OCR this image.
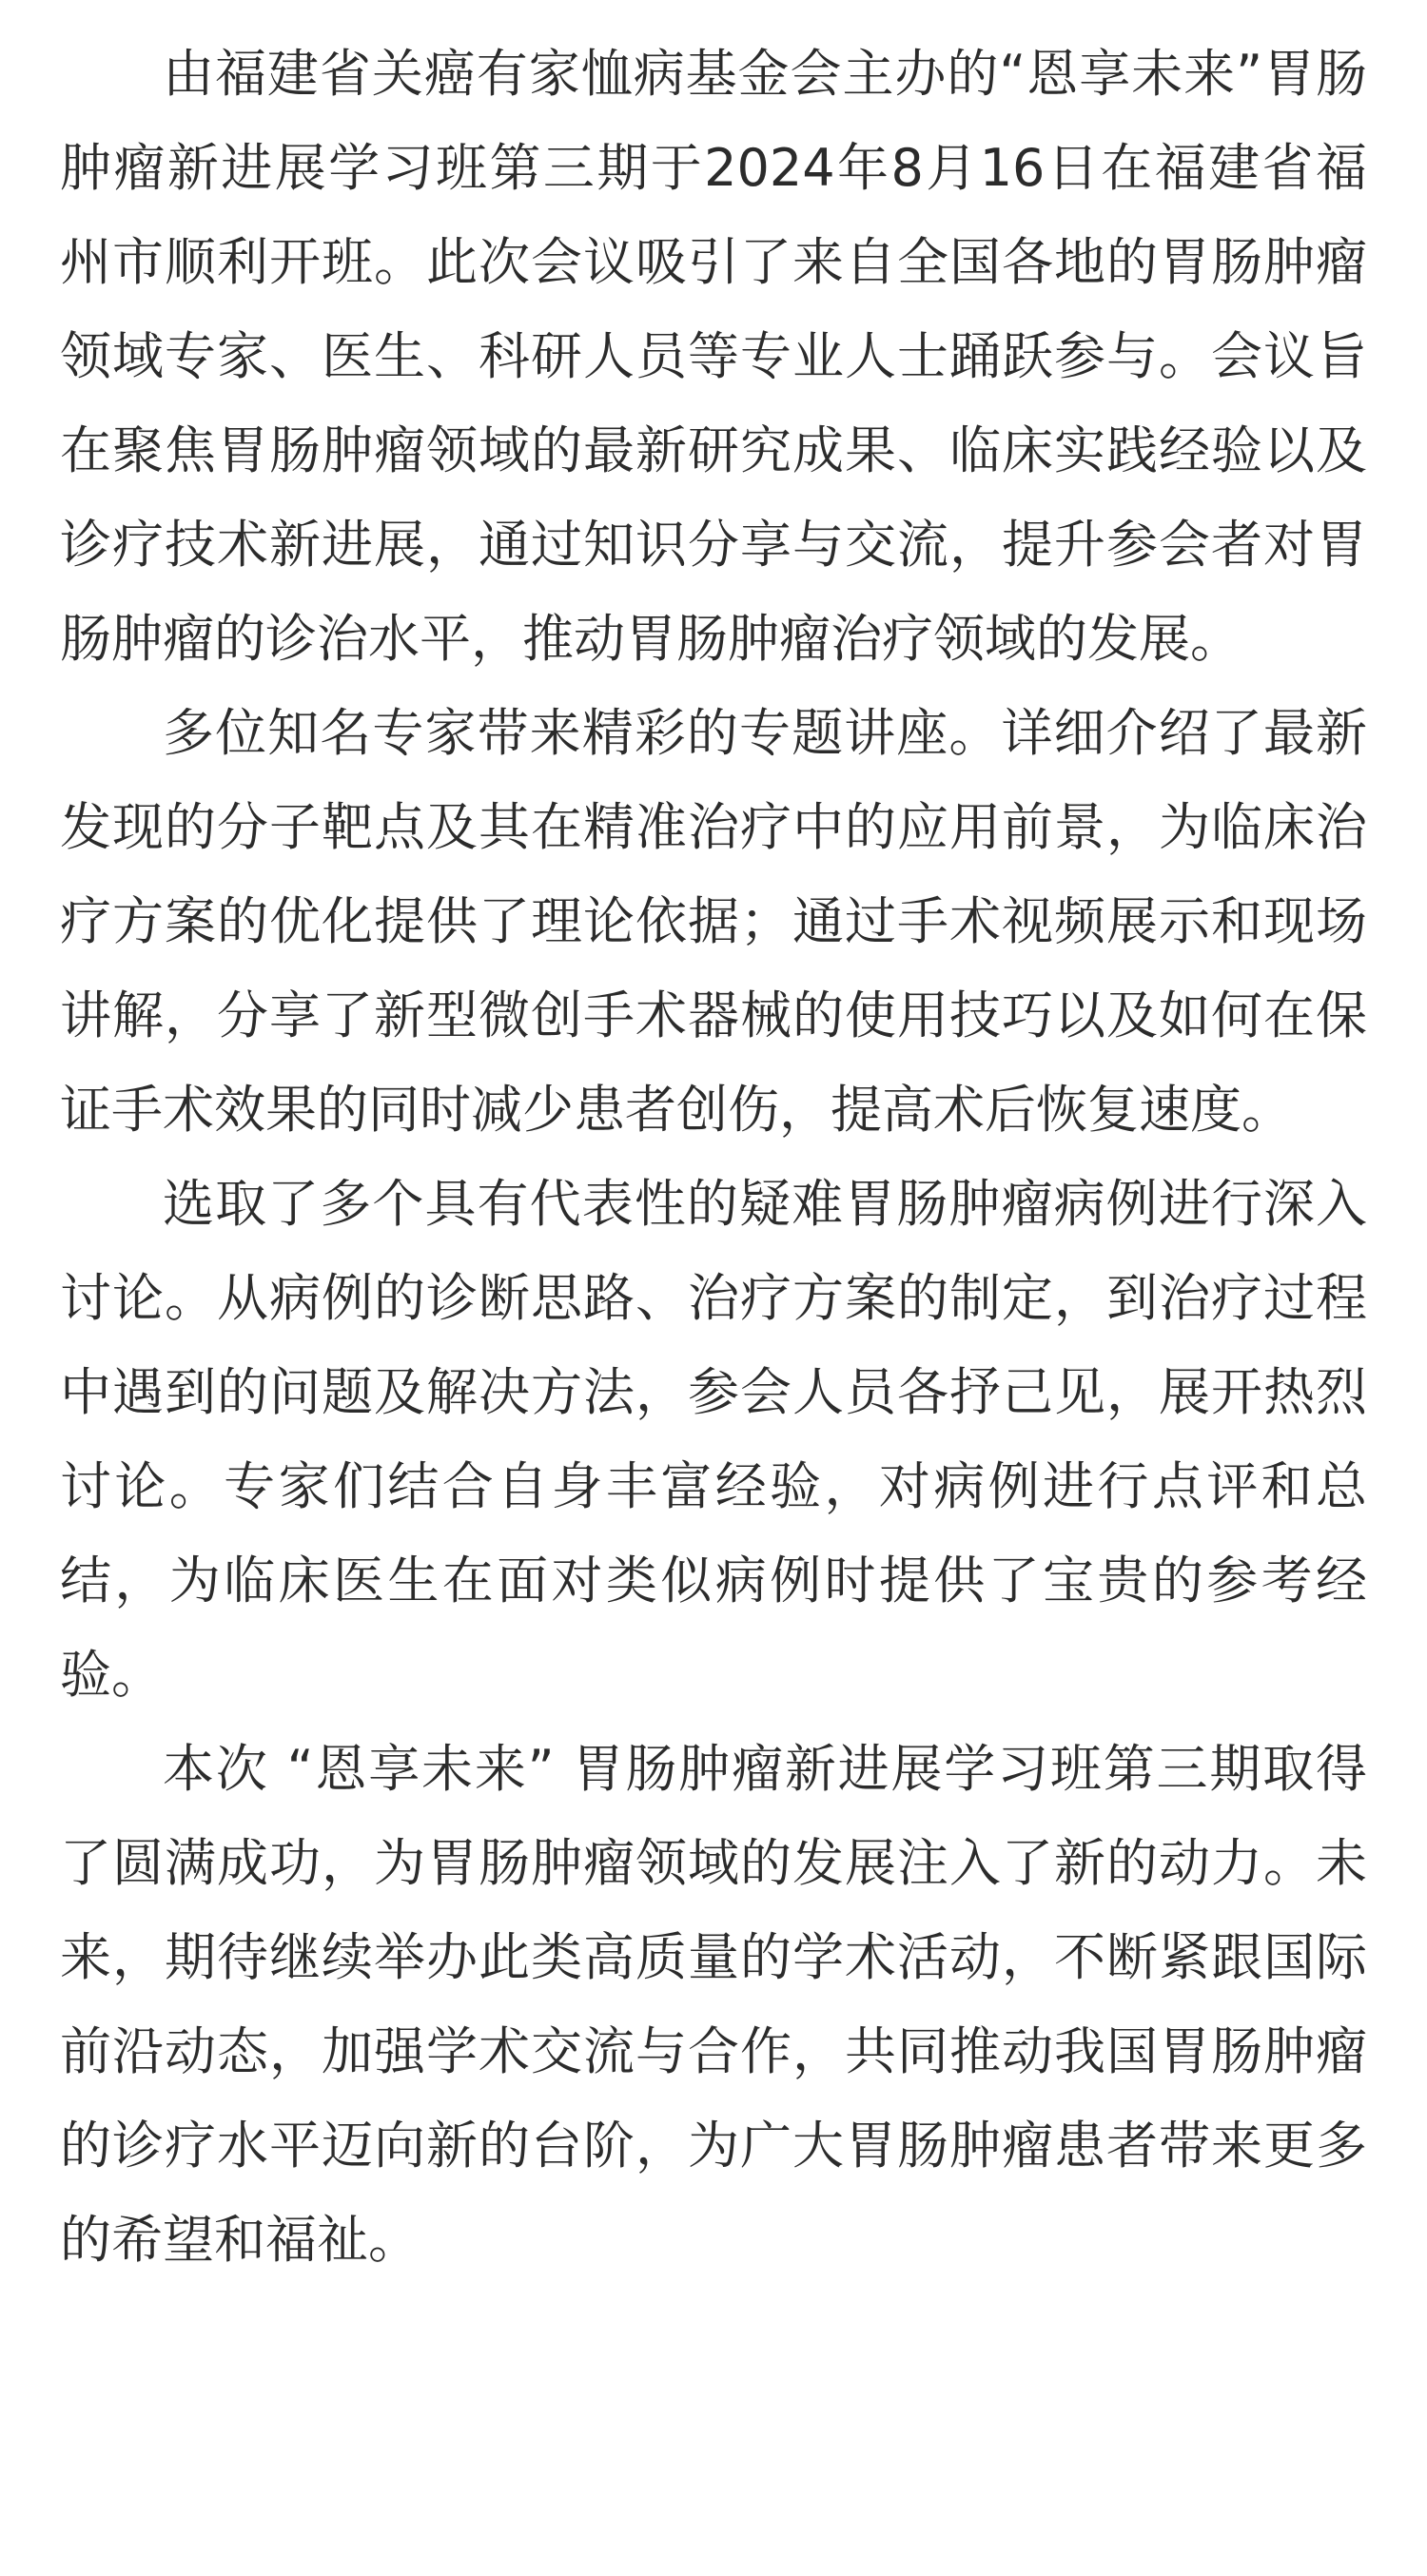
由福建省关癌有家恤病基金会主办的“恩享未来”胃肠肿瘤新进展学习班第三期于2024年8月16日在福建省福州市顺利开班。此次会议吸引了来自全国各地的胃肠肿瘤领域专家、医生、科研人员等专业人士踊跃参与。会议旨在聚焦胃肠肿瘤领域的最新研究成果、临床实践经验以及诊疗技术新进展，通过知识分享与交流，提升参会者对胃肠肿瘤的诊治水平，推动胃肠肿瘤治疗领域的发展。

多位知名专家带来精彩的专题讲座。详细介绍了最新发现的分子靶点及其在精准治疗中的应用前景，为临床治疗方案的优化提供了理论依据；通过手术视频展示和现场讲解，分享了新型微创手术器械的使用技巧以及如何在保证手术效果的同时减少患者创伤，提高术后恢复速度。

选取了多个具有代表性的疑难胃肠肿瘤病例进行深入讨论。从病例的诊断思路、治疗方案的制定，到治疗过程中遇到的问题及解决方法，参会人员各抒己见，展开热烈讨论。专家们结合自身丰富经验，对病例进行点评和总结，为临床医生在面对类似病例时提供了宝贵的参考经验。

本次 “恩享未来” 胃肠肿瘤新进展学习班第三期取得了圆满成功，为胃肠肿瘤领域的发展注入了新的动力。未来，期待继续举办此类高质量的学术活动，不断紧跟国际前沿动态，加强学术交流与合作，共同推动我国胃肠肿瘤的诊疗水平迈向新的台阶，为广大胃肠肿瘤患者带来更多的希望和福祉。
